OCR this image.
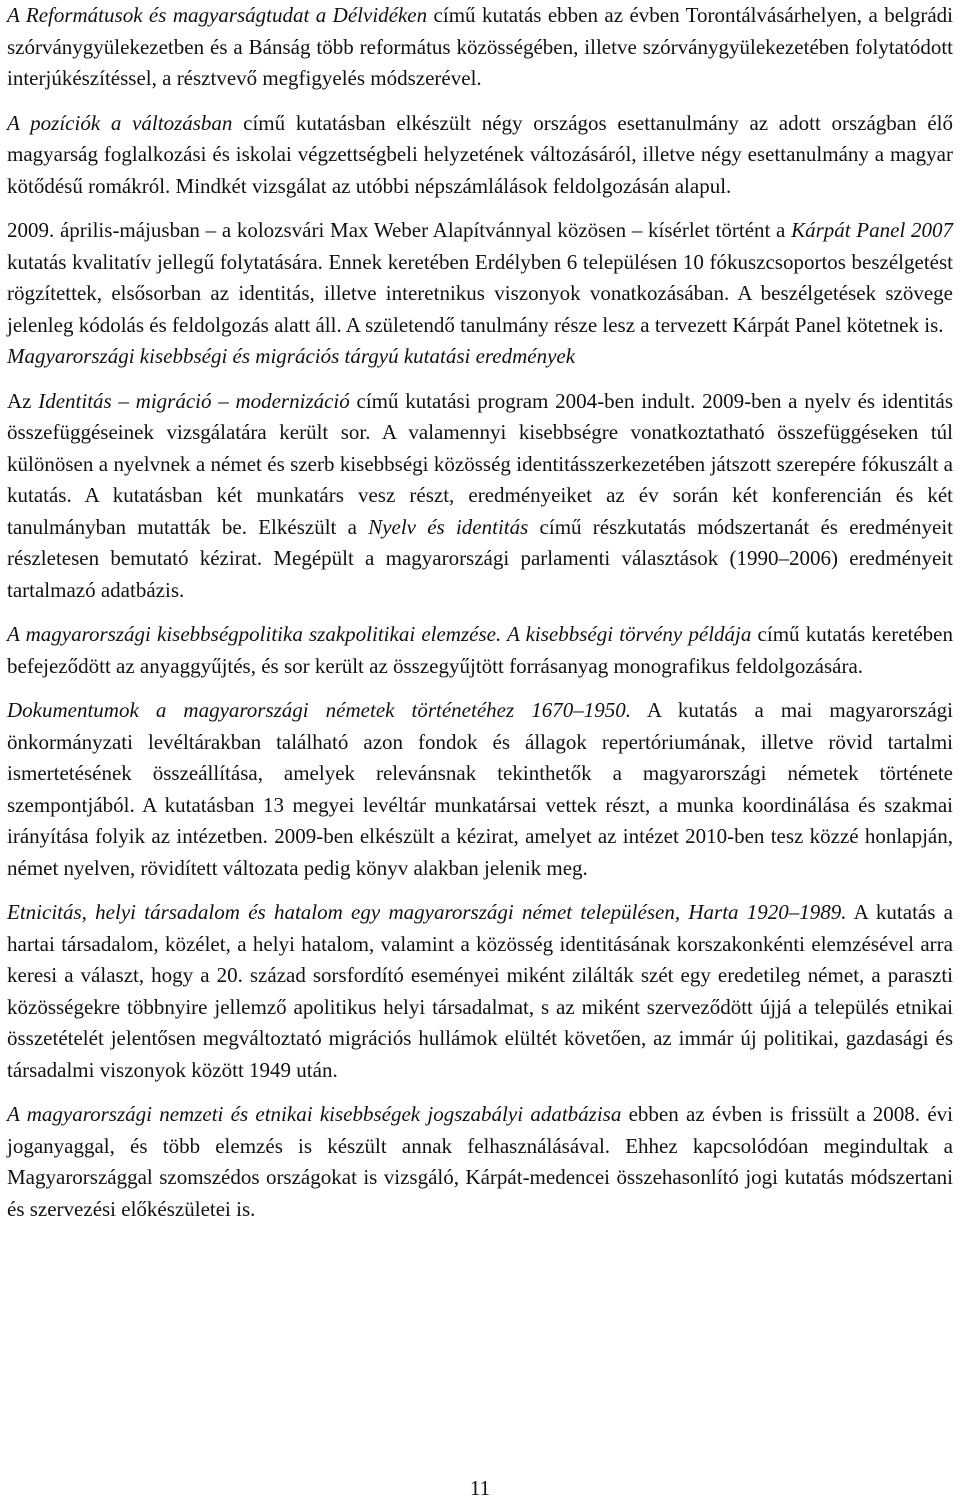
A Reformátusok és magyarságtudat a Délvidéken című kutatás ebben az évben Torontálvásárhelyen, a belgrádi szórványgyülekezetben és a Bánság több református közösségében, illetve szórványgyülekezetében folytatódott interjúkészítéssel, a résztvevő megfigyelés módszerével.

A pozíciók a változásban című kutatásban elkészült négy országos esettanulmány az adott országban élő magyarság foglalkozási és iskolai végzettségbeli helyzetének változásáról, illetve négy esettanulmány a magyar kötődésű romákról. Mindkét vizsgálat az utóbbi népszámlálások feldolgozásán alapul.

2009. április-májusban – a kolozsvári Max Weber Alapítvánnyal közösen – kísérlet történt a Kárpát Panel 2007 kutatás kvalitatív jellegű folytatására. Ennek keretében Erdélyben 6 településen 10 fókuszcsoportos beszélgetést rögzítettek, elsősorban az identitás, illetve interetnikus viszonyok vonatkozásában. A beszélgetések szövege jelenleg kódolás és feldolgozás alatt áll. A születendő tanulmány része lesz a tervezett Kárpát Panel kötetnek is.

Magyarországi kisebbségi és migrációs tárgyú kutatási eredmények

Az Identitás – migráció – modernizáció című kutatási program 2004-ben indult. 2009-ben a nyelv és identitás összefüggéseinek vizsgálatára került sor. A valamennyi kisebbségre vonatkoztatható összefüggéseken túl különösen a nyelvnek a német és szerb kisebbségi közösség identitásszerkezetében játszott szerepére fókuszált a kutatás. A kutatásban két munkatárs vesz részt, eredményeiket az év során két konferencián és két tanulmányban mutatták be. Elkészült a Nyelv és identitás című részkutatás módszertanát és eredményeit részletesen bemutató kézirat. Megépült a magyarországi parlamenti választások (1990–2006) eredményeit tartalmazó adatbázis.

A magyarországi kisebbségpolitika szakpolitikai elemzése. A kisebbségi törvény példája című kutatás keretében befejeződött az anyaggyűjtés, és sor került az összegyűjtött forrásanyag monografikus feldolgozására.

Dokumentumok a magyarországi németek történetéhez 1670–1950. A kutatás a mai magyarországi önkormányzati levéltárakban található azon fondok és állagok repertóriumának, illetve rövid tartalmi ismertetésének összeállítása, amelyek relevánsnak tekinthetők a magyarországi németek története szempontjából. A kutatásban 13 megyei levéltár munkatársai vettek részt, a munka koordinálása és szakmai irányítása folyik az intézetben. 2009-ben elkészült a kézirat, amelyet az intézet 2010-ben tesz közzé honlapján, német nyelven, rövidített változata pedig könyv alakban jelenik meg.

Etnicitás, helyi társadalom és hatalom egy magyarországi német településen, Harta 1920–1989. A kutatás a hartai társadalom, közélet, a helyi hatalom, valamint a közösség identitásának korszakonkénti elemzésével arra keresi a választ, hogy a 20. század sorsfordító eseményei miként zilálták szét egy eredetileg német, a paraszti közösségekre többnyire jellemző apolitikus helyi társadalmat, s az miként szerveződött újjá a település etnikai összetételét jelentősen megváltoztató migrációs hullámok elültét követően, az immár új politikai, gazdasági és társadalmi viszonyok között 1949 után.

A magyarországi nemzeti és etnikai kisebbségek jogszabályi adatbázisa ebben az évben is frissült a 2008. évi joganyaggal, és több elemzés is készült annak felhasználásával. Ehhez kapcsolódóan megindultak a Magyarországgal szomszédos országokat is vizsgáló, Kárpát-medencei összehasonlító jogi kutatás módszertani és szervezési előkészületei is.

11
